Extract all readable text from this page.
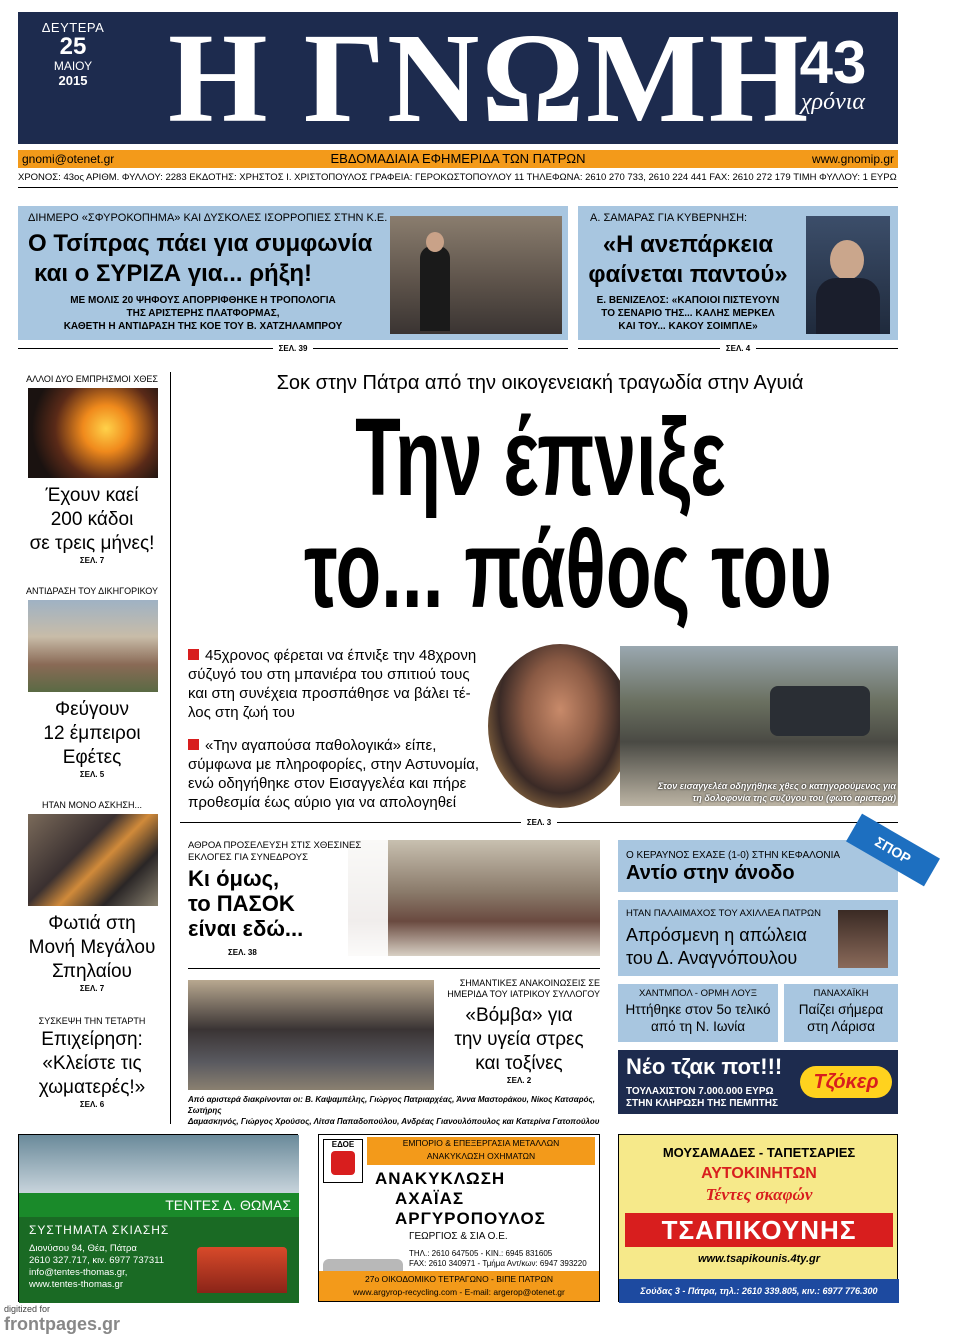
ΔΕΥΤΕΡΑ
25
ΜΑΙΟΥ
2015 Η ΓΝΩΜΗ
43
χρόνια
gnomi@otenet.gr	ΕΒΔΟΜΑΔΙΑΙΑ ΕΦΗΜΕΡΙΔΑ ΤΩΝ ΠΑΤΡΩΝ	www.gnomip.gr
ΧΡΟΝΟΣ: 43ος ΑΡΙΘΜ. ΦΥΛΛΟΥ: 2283 ΕΚΔΟΤΗΣ: ΧΡΗΣΤΟΣ Ι. ΧΡΙΣΤΟΠΟΥΛΟΣ ΓΡΑΦΕΙΑ: ΓΕΡΟΚΩΣΤΟΠΟΥΛΟΥ 11 ΤΗΛΕΦΩΝΑ: 2610 270 733, 2610 224 441 FAX: 2610 272 179 ΤΙΜΗ ΦΥΛΛΟΥ: 1 ΕΥΡΩ
ΔΙΗΜΕΡΟ «ΣΦΥΡΟΚΟΠΗΜΑ» ΚΑΙ ΔΥΣΚΟΛΕΣ ΙΣΟΡΡΟΠΙΕΣ ΣΤΗΝ Κ.Ε.
Ο Τσίπρας πάει για συμφωνία
και ο ΣΥΡΙΖΑ για... ρήξη!
ΜΕ ΜΟΛΙΣ 20 ΨΗΦΟΥΣ ΑΠΟΡΡΙΦΘΗΚΕ Η ΤΡΟΠΟΛΟΓΙΑ
ΤΗΣ ΑΡΙΣΤΕΡΗΣ ΠΛΑΤΦΟΡΜΑΣ,
ΚΑΘΕΤΗ Η ΑΝΤΙΔΡΑΣΗ ΤΗΣ ΚΟΕ ΤΟΥ Β. ΧΑΤΖΗΛΑΜΠΡΟΥ
ΣΕΛ. 39
Α. ΣΑΜΑΡΑΣ ΓΙΑ ΚΥΒΕΡΝΗΣΗ:
«Η ανεπάρκεια
φαίνεται παντού»
Ε. ΒΕΝΙΖΕΛΟΣ: «ΚΑΠΟΙΟΙ ΠΙΣΤΕΥΟΥΝ
ΤΟ ΣΕΝΑΡΙΟ ΤΗΣ... ΚΑΛΗΣ ΜΕΡΚΕΛ
ΚΑΙ ΤΟΥ... ΚΑΚΟΥ ΣΟΙΜΠΛΕ»
ΣΕΛ. 4
ΑΛΛΟΙ ΔΥΟ ΕΜΠΡΗΣΜΟΙ ΧΘΕΣ
Έχουν καεί
200 κάδοι
σε τρεις μήνες!
ΣΕΛ. 7
ΑΝΤΙΔΡΑΣΗ ΤΟΥ ΔΙΚΗΓΟΡΙΚΟΥ
Φεύγουν
12 έμπειροι
Εφέτες
ΣΕΛ. 5
ΗΤΑΝ ΜΟΝΟ ΑΣΚΗΣΗ...
Φωτιά στη
Μονή Μεγάλου
Σπηλαίου
ΣΕΛ. 7
ΣΥΣΚΕΨΗ ΤΗΝ ΤΕΤΑΡΤΗ
Επιχείρηση:
«Κλείστε τις
χωματερές!»
ΣΕΛ. 6
Σοκ στην Πάτρα από την οικογενειακή τραγωδία στην Αγυιά
Την έπνιξε
το... πάθος του
45χρονος φέρεται να έπνιξε την 48χρονη
σύζυγό του στη μπανιέρα του σπιτιού τους
και στη συνέχεια προσπάθησε να βάλει τέ-
λος στη ζωή του
«Την αγαπούσα παθολογικά» είπε,
σύμφωνα με πληροφορίες, στην Αστυνομία,
ενώ οδηγήθηκε στον Εισαγγελέα και πήρε
προθεσμία έως αύριο για να απολογηθεί
Στον εισαγγελέα οδηγήθηκε χθες ο κατηγορούμενος για
τη δολοφονία της συζύγου του (φωτό αριστερά)
ΣΕΛ. 3
ΑΘΡΟΑ ΠΡΟΣΕΛΕΥΣΗ ΣΤΙΣ ΧΘΕΣΙΝΕΣ
ΕΚΛΟΓΕΣ ΓΙΑ ΣΥΝΕΔΡΟΥΣ
Κι όμως,
το ΠΑΣΟΚ
είναι εδώ...
ΣΕΛ. 38
ΣΗΜΑΝΤΙΚΕΣ ΑΝΑΚΟΙΝΩΣΕΙΣ ΣΕ
ΗΜΕΡΙΔΑ ΤΟΥ ΙΑΤΡΙΚΟΥ ΣΥΛΛΟΓΟΥ
«Βόμβα» για
την υγεία στρες
και τοξίνες
ΣΕΛ. 2
Από αριστερά διακρίνονται οι: Β. Καψαμπέλης, Γιώργος Πατριαρχέας, Άννα Μαστοράκου, Νίκος Κατσαρός, Σωτήρης
Δαμασκηνός, Γιώργος Χρούσος, Λίτσα Παπαδοπούλου, Ανδρέας Γιανουλόπουλος και Κατερίνα Γατοπούλου
Ο ΚΕΡΑΥΝΟΣ ΕΧΑΣΕ (1-0) ΣΤΗΝ ΚΕΦΑΛΟΝΙΑ
Αντίο στην άνοδο
ΣΠΟΡ
ΗΤΑΝ ΠΑΛΑΙΜΑΧΟΣ ΤΟΥ ΑΧΙΛΛΕΑ ΠΑΤΡΩΝ
Απρόσμενη η απώλεια
του Δ. Αναγνόπουλου
ΧΑΝΤΜΠΟΛ - ΟΡΜΗ ΛΟΥΞ
Ηττήθηκε στον 5ο τελικό
από τη Ν. Ιωνία
ΠΑΝΑΧΑΪΚΗ
Παίζει σήμερα
στη Λάρισα
Νέο τζακ ποτ!!!
ΤΟΥΛΑΧΙΣΤΟΝ 7.000.000 ΕΥΡΩ
ΣΤΗΝ ΚΛΗΡΩΣΗ ΤΗΣ ΠΕΜΠΤΗΣ
Τζόκερ
ΤΕΝΤΕΣ Δ. ΘΩΜΑΣ
ΣΥΣΤΗΜΑΤΑ ΣΚΙΑΣΗΣ
Διονύσου 94, Θέα, Πάτρα
2610 327.717, κιν. 6977 737311
info@tentes-thomas.gr,
www.tentes-thomas.gr
ΕΔΟΕ	ΕΜΠΟΡΙΟ & ΕΠΕΞΕΡΓΑΣΙΑ ΜΕΤΑΛΛΩΝ
ΑΝΑΚΥΚΛΩΣΗ ΟΧΗΜΑΤΩΝ
ΑΝΑΚΥΚΛΩΣΗ
ΑΧΑΪΑΣ
ΑΡΓΥΡΟΠΟΥΛΟΣ
ΓΕΩΡΓΙΟΣ & ΣΙΑ Ο.Ε.
ΤΗΛ.: 2610 647505 - ΚΙΝ.: 6945 831605
FAX: 2610 340971 - Τμήμα Αντ/κων: 6947 393220
27ο ΟΙΚΟΔΟΜΙΚΟ ΤΕΤΡΑΓΩΝΟ - ΒΙΠΕ ΠΑΤΡΩΝ
www.argyrop-recycling.com - E-mail: argerop@otenet.gr
ΜΟΥΣΑΜΑΔΕΣ - ΤΑΠΕΤΣΑΡΙΕΣ
ΑΥΤΟΚΙΝΗΤΩΝ
Τέντες σκαφών
ΤΣΑΠΙΚΟΥΝΗΣ
www.tsapikounis.4ty.gr
Σούδας 3 - Πάτρα, τηλ.: 2610 339.805, κιν.: 6977 776.300
digitized for
frontpages.gr
